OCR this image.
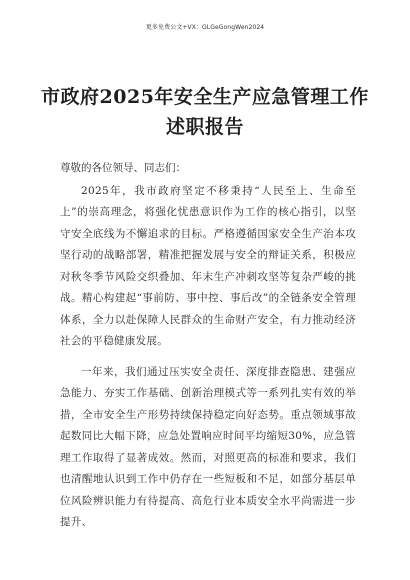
更多免费公文+VX：GLGeGongWen2024
市政府2025年安全生产应急管理工作述职报告

尊敬的各位领导、同志们：

2025年，我市政府坚定不移秉持“人民至上、生命至上”的崇高理念，将强化忧患意识作为工作的核心指引，以坚守安全底线为不懈追求的目标。严格遵循国家安全生产治本攻坚行动的战略部署，精准把握发展与安全的辩证关系，积极应对秋冬季节风险交织叠加、年末生产冲刺攻坚等复杂严峻的挑战。精心构建起“事前防、事中控、事后改”的全链条安全管理体系，全力以赴保障人民群众的生命财产安全，有力推动经济社会的平稳健康发展。

一年来，我们通过压实安全责任、深度排查隐患、建强应急能力、夯实工作基础、创新治理模式等一系列扎实有效的举措，全市安全生产形势持续保持稳定向好态势。重点领域事故起数同比大幅下降，应急处置响应时间平均缩短30%，应急管理工作取得了显著成效。然而，对照更高的标准和要求，我们也清醒地认识到工作中仍存在一些短板和不足，如部分基层单位风险辨识能力有待提高、高危行业本质安全水平尚需进一步提升、
